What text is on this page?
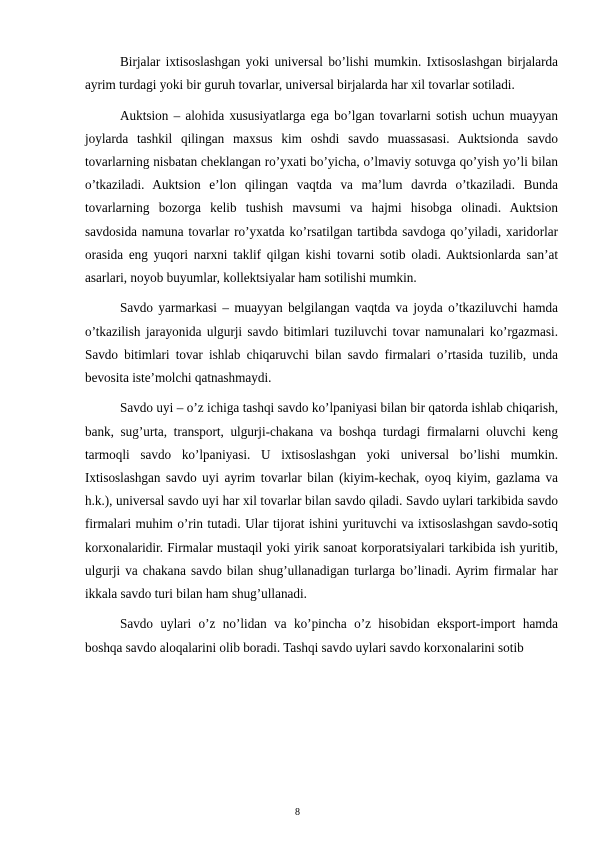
Birjalar ixtisoslashgan yoki universal bo’lishi mumkin. Ixtisoslashgan birjalarda ayrim turdagi yoki bir guruh tovarlar, universal birjalarda har xil tovarlar sotiladi.

Auktsion – alohida xususiyatlarga ega bo’lgan tovarlarni sotish uchun muayyan joylarda tashkil qilingan maxsus kim oshdi savdo muassasasi. Auktsionda savdo tovarlarning nisbatan cheklangan ro’yxati bo’yicha, o’lmaviy sotuvga qo’yish yo’li bilan o’tkaziladi. Auktsion e’lon qilingan vaqtda va ma’lum davrda o’tkaziladi. Bunda tovarlarning bozorga kelib tushish mavsumi va hajmi hisobga olinadi. Auktsion savdosida namuna tovarlar ro’yxatda ko’rsatilgan tartibda savdoga qo’yiladi, xaridorlar orasida eng yuqori narxni taklif qilgan kishi tovarni sotib oladi. Auktsionlarda san’at asarlari, noyob buyumlar, kollektsiyalar ham sotilishi mumkin.

Savdo yarmarkasi – muayyan belgilangan vaqtda va joyda o’tkaziluvchi hamda o’tkazilish jarayonida ulgurji savdo bitimlari tuziluvchi tovar namunalari ko’rgazmasi. Savdo bitimlari tovar ishlab chiqaruvchi bilan savdo firmalari o’rtasida tuzilib, unda bevosita iste’molchi qatnashmaydi.

Savdo uyi – o’z ichiga tashqi savdo ko’lpaniyasi bilan bir qatorda ishlab chiqarish, bank, sug’urta, transport, ulgurji-chakana va boshqa turdagi firmalarni oluvchi keng tarmoqli savdo ko’lpaniyasi. U ixtisoslashgan yoki universal bo’lishi mumkin. Ixtisoslashgan savdo uyi ayrim tovarlar bilan (kiyim-kechak, oyoq kiyim, gazlama va h.k.), universal savdo uyi har xil tovarlar bilan savdo qiladi. Savdo uylari tarkibida savdo firmalari muhim o’rin tutadi. Ular tijorat ishini yurituvchi va ixtisoslashgan savdo-sotiq korxonalaridir. Firmalar mustaqil yoki yirik sanoat korporatsiyalari tarkibida ish yuritib, ulgurji va chakana savdo bilan shug’ullanadigan turlarga bo’linadi. Ayrim firmalar har ikkala savdo turi bilan ham shug’ullanadi.

Savdo uylari o’z no’lidan va ko’pincha o’z hisobidan eksport-import hamda boshqa savdo aloqalarini olib boradi. Tashqi savdo uylari savdo korxonalarini sotib

8
